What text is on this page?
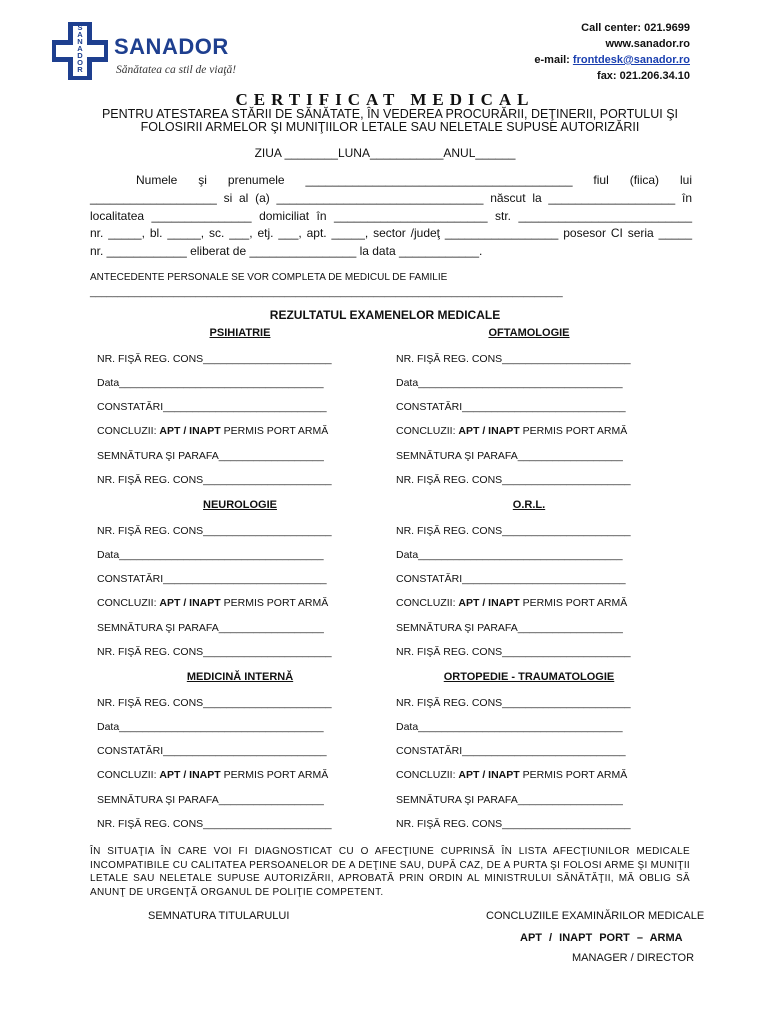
S
A
N
A
D
O
R
SANADOR
Sănătatea ca stil de viaţă!
Call center: 021.9699
www.sanador.ro
e-mail: frontdesk@sanador.ro
fax: 021.206.34.10
CERTIFICAT MEDICAL
PENTRU ATESTAREA STĂRII DE SĂNĂTATE, ÎN VEDEREA PROCURĂRII, DEŢINERII, PORTULUI ŞI FOLOSIRII ARMELOR ŞI MUNIŢIILOR LETALE SAU NELETALE SUPUSE AUTORIZĂRII
ZIUA ________LUNA___________ANUL______

Numele şi prenumele ________________________________________ fiul (fiica) lui

___________________ si al (a) _______________________________ născut la ___________________ în

localitatea _______________ domiciliat în _______________________ str. __________________________

nr. _____, bl. _____, sc. ___, etj. ___, apt. _____, sector /judeţ _________________ posesor CI seria _____

nr. ____________ eliberat de ________________ la data ____________.

ANTECEDENTE PERSONALE SE VOR COMPLETA DE MEDICUL DE FAMILIE
_____________________________________________________________________________________
REZULTATUL EXAMENELOR MEDICALE
PSIHIATRIE
NR. FIŞĂ REG. CONS______________________
Data___________________________________
CONSTATĂRI____________________________
CONCLUZII: APT / INAPT PERMIS PORT ARMĂ
SEMNĂTURA ŞI PARAFA__________________
NR. FIŞĂ REG. CONS______________________
OFTAMOLOGIE
NR. FIŞĂ REG. CONS______________________
Data___________________________________
CONSTATĂRI____________________________
CONCLUZII: APT / INAPT PERMIS PORT ARMĂ
SEMNĂTURA ŞI PARAFA__________________
NR. FIŞĂ REG. CONS______________________
NEUROLOGIE
NR. FIŞĂ REG. CONS______________________
Data___________________________________
CONSTATĂRI____________________________
CONCLUZII: APT / INAPT PERMIS PORT ARMĂ
SEMNĂTURA ŞI PARAFA__________________
NR. FIŞĂ REG. CONS______________________
O.R.L.
NR. FIŞĂ REG. CONS______________________
Data___________________________________
CONSTATĂRI____________________________
CONCLUZII: APT / INAPT PERMIS PORT ARMĂ
SEMNĂTURA ŞI PARAFA__________________
NR. FIŞĂ REG. CONS______________________
MEDICINĂ INTERNĂ
NR. FIŞĂ REG. CONS______________________
Data___________________________________
CONSTATĂRI____________________________
CONCLUZII: APT / INAPT PERMIS PORT ARMĂ
SEMNĂTURA ŞI PARAFA__________________
NR. FIŞĂ REG. CONS______________________
ORTOPEDIE - TRAUMATOLOGIE
NR. FIŞĂ REG. CONS______________________
Data___________________________________
CONSTATĂRI____________________________
CONCLUZII: APT / INAPT PERMIS PORT ARMĂ
SEMNĂTURA ŞI PARAFA__________________
NR. FIŞĂ REG. CONS______________________
ÎN SITUAŢIA ÎN CARE VOI FI DIAGNOSTICAT CU O AFECŢIUNE CUPRINSĂ ÎN LISTA AFECŢIUNILOR MEDICALE INCOMPATIBILE CU CALITATEA PERSOANELOR DE A DEŢINE SAU, DUPĂ CAZ, DE A PURTA ŞI FOLOSI ARME ŞI MUNIŢII LETALE SAU NELETALE SUPUSE AUTORIZĂRII, APROBATĂ PRIN ORDIN AL MINISTRULUI SĂNĂTĂŢII, MĂ OBLIG SĂ ANUNŢ DE URGENŢĂ ORGANUL DE POLIŢIE COMPETENT.
SEMNATURA TITULARULUI	CONCLUZIILE EXAMINĂRILOR MEDICALE
APT / INAPT PORT – ARMA
MANAGER / DIRECTOR
